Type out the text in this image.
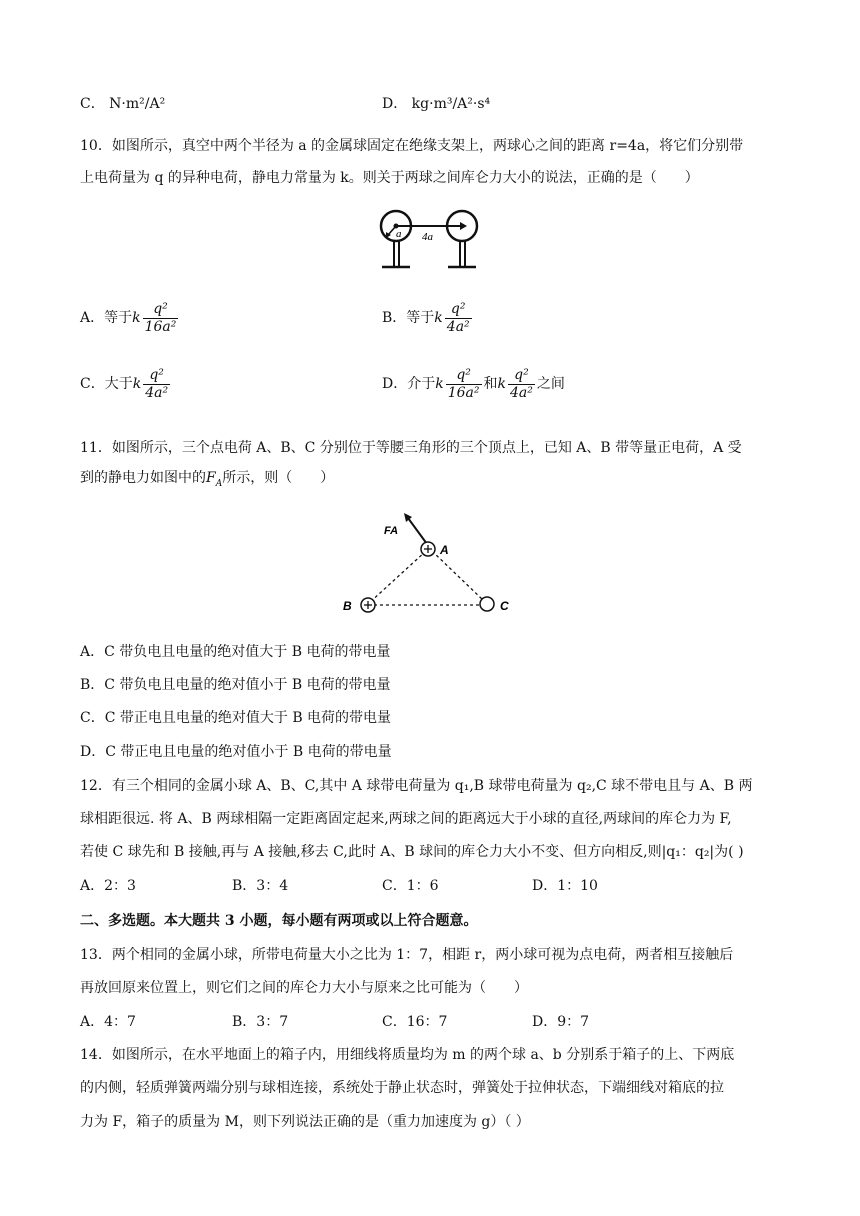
C． N·m²/A²	D． kg·m³/A²·s⁴
10．如图所示，真空中两个半径为 a 的金属球固定在绝缘支架上，两球心之间的距离 r=4a，将它们分别带
上电荷量为 q 的异种电荷，静电力常量为 k。则关于两球之间库仑力大小的说法，正确的是（　　）
a 4a
A．等于k $\frac{\text{q²}}{\text{16a²}}$	B．等于k $\frac{\text{q²}}{\text{4a²}}$
C．大于k $\frac{\text{q²}}{\text{4a²}}$	D．介于k $\frac{\text{q²}}{\text{16a²}}$ 和k $\frac{\text{q²}}{\text{4a²}}$ 之间
11．如图所示，三个点电荷 A、B、C 分别位于等腰三角形的三个顶点上，已知 A、B 带等量正电荷，A 受
到的静电力如图中的$F_A$所示，则（　　）
FA
A
B	C
A．C 带负电且电量的绝对值大于 B 电荷的带电量
B．C 带负电且电量的绝对值小于 B 电荷的带电量
C．C 带正电且电量的绝对值大于 B 电荷的带电量
D．C 带正电且电量的绝对值小于 B 电荷的带电量
12．有三个相同的金属小球 A、B、C,其中 A 球带电荷量为 q₁,B 球带电荷量为 q₂,C 球不带电且与 A、B 两
球相距很远. 将 A、B 两球相隔一定距离固定起来,两球之间的距离远大于小球的直径,两球间的库仑力为 F,
若使 C 球先和 B 接触,再与 A 接触,移去 C,此时 A、B 球间的库仑力大小不变、但方向相反,则|q₁：q₂|为( )
A．2：3	B．3：4	C．1：6	D．1：10
二、多选题。本大题共 3 小题，每小题有两项或以上符合题意。
13．两个相同的金属小球，所带电荷量大小之比为 1：7，相距 r，两小球可视为点电荷，两者相互接触后
再放回原来位置上，则它们之间的库仑力大小与原来之比可能为（　　）
A．4：7	B．3：7	C．16：7	D．9：7
14．如图所示，在水平地面上的箱子内，用细线将质量均为 m 的两个球 a、b 分别系于箱子的上、下两底
的内侧，轻质弹簧两端分别与球相连接，系统处于静止状态时，弹簧处于拉伸状态，下端细线对箱底的拉
力为 F，箱子的质量为 M，则下列说法正确的是（重力加速度为 g）（ ）
